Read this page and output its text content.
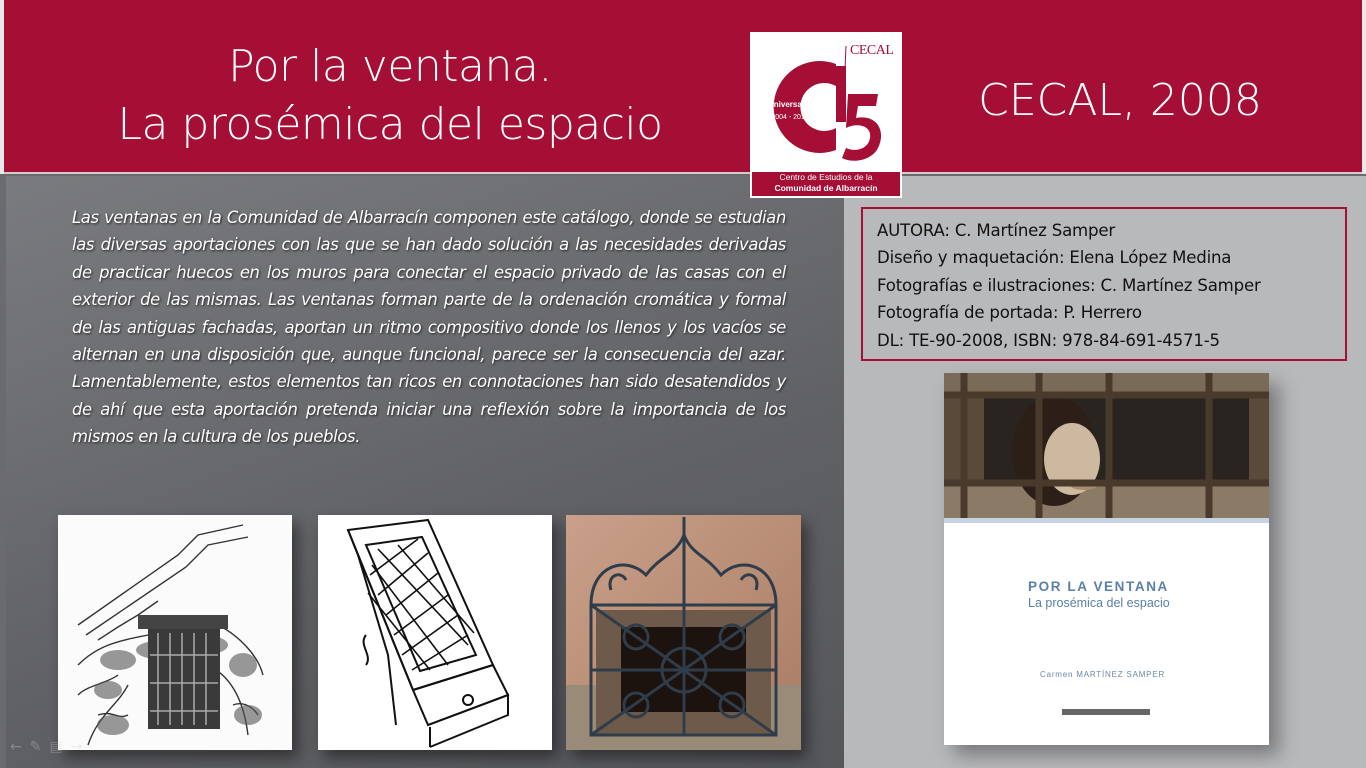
Por la ventana.
La prosémica del espacio	CECAL, 2008
Aniversario
2004 - 2019
CECAL
Centro de Estudios de la
Comunidad de Albarracín
Las ventanas en la Comunidad de Albarracín componen este catálogo, donde se estudian las diversas aportaciones con las que se han dado solución a las necesidades derivadas de practicar huecos en los muros para conectar el espacio privado de las casas con el exterior de las mismas. Las ventanas forman parte de la ordenación cromática y formal de las antiguas fachadas, aportan un ritmo compositivo donde los llenos y los vacíos se alternan en una disposición que, aunque funcional, parece ser la consecuencia del azar. Lamentablemente, estos elementos tan ricos en connotaciones han sido desatendidos y de ahí que esta aportación pretenda iniciar una reflexión sobre la importancia de los mismos en la cultura de los pueblos.
AUTORA: C. Martínez Samper
Diseño y maquetación: Elena López Medina
Fotografías e ilustraciones: C. Martínez Samper
Fotografía de portada: P. Herrero
DL: TE-90-2008, ISBN: 978-84-691-4571-5
POR LA VENTANA
La prosémica del espacio
Carmen MARTÍNEZ SAMPER
← ✎ ▤ →
